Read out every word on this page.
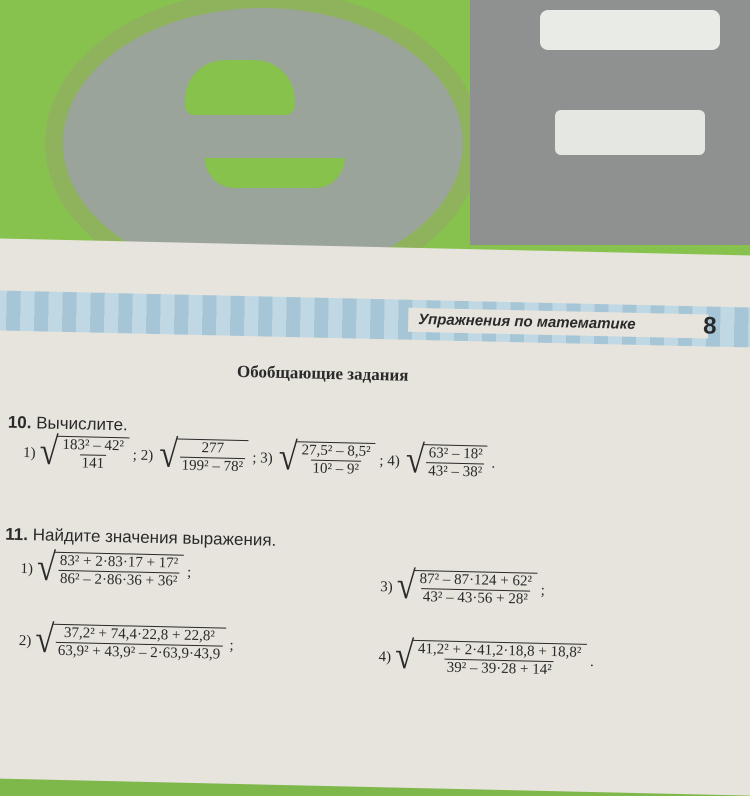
Упражнения по математике	8
Обобщающие задания
10. Вычислите.
1) √ $\frac{\text{183² – 42²}}{141}$ ; 2) √ $\frac{277}{\text{199² – 78²}}$ ; 3) √ $\frac{\text{27,5² – 8,5²}}{\text{10² – 9²}}$ ; 4) √ $\frac{\text{63² – 18²}}{\text{43² – 38²}}$ .
11. Найдите значения выражения.
1) √ $\frac{\text{83² + 2·83·17 + 17²}}{\text{86² – 2·86·36 + 36²}}$ ;
2) √ $\frac{\text{37,2² + 74,4·22,8 + 22,8²}}{\text{63,9² + 43,9² – 2·63,9·43,9}}$ ;
3) √ $\frac{\text{87² – 87·124 + 62²}}{\text{43² – 43·56 + 28²}}$ ;
4) √ $\frac{\text{41,2² + 2·41,2·18,8 + 18,8²}}{\text{39² – 39·28 + 14²}}$ .
